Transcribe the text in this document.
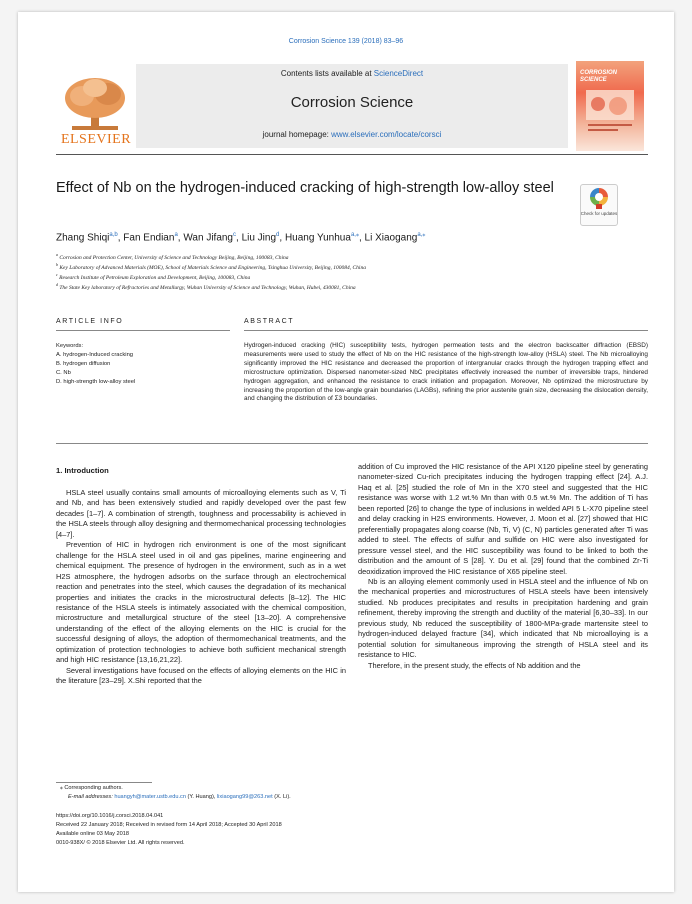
Corrosion Science 139 (2018) 83–96
ELSEVIER
Contents lists available at ScienceDirect
Corrosion Science
journal homepage: www.elsevier.com/locate/corsci
CORROSION SCIENCE
Effect of Nb on the hydrogen-induced cracking of high-strength low-alloy steel
Check for updates
Zhang Shiqi$^{a,b}$, Fan Endian$^a$, Wan Jifang$^c$, Liu Jing$^d$, Huang Yunhua$^{a,⁎}$, Li Xiaogang$^{a,⁎}$
$^a$ Corrosion and Protection Center, University of Science and Technology Beijing, Beijing, 100083, China
$^b$ Key Laboratory of Advanced Materials (MOE), School of Materials Science and Engineering, Tsinghua University, Beijing, 100084, China
$^c$ Research Institute of Petroleum Exploration and Development, Beijing, 100083, China
$^d$ The State Key laboratory of Refractories and Metallurgy, Wuhan University of Science and Technology, Wuhan, Hubei, 430081, China
ARTICLE INFO	ABSTRACT
Keywords:
A. hydrogen-Induced cracking
B. hydrogen diffusion
C. Nb
D. high-strength low-alloy steel
Hydrogen-induced cracking (HIC) susceptibility tests, hydrogen permeation tests and the electron backscatter diffraction (EBSD) measurements were used to study the effect of Nb on the HIC resistance of the high-strength low-alloy (HSLA) steel. The Nb microalloying significantly improved the HIC resistance and decreased the proportion of intergranular cracks through the hydrogen trapping effect and microstructure optimization. Dispersed nanometer-sized NbC precipitates effectively increased the number of irreversible traps, hindered hydrogen aggregation, and enhanced the resistance to crack initiation and propagation. Moreover, Nb optimized the microstructure by increasing the proportion of the low-angle grain boundaries (LAGBs), refining the prior austenite grain size, decreasing the dislocation density, and changing the distribution of Σ3 boundaries.
1. Introduction

HSLA steel usually contains small amounts of microalloying elements such as V, Ti and Nb, and has been extensively studied and rapidly developed over the past few decades [1–7]. A combination of strength, toughness and processability is achieved in the HSLA steels through alloy designing and thermomechanical processing technologies [4–7].

Prevention of HIC in hydrogen rich environment is one of the most significant challenge for the HSLA steel used in oil and gas pipelines, marine engineering and chemical equipment. The presence of hydrogen in the environment, such as in a wet H2S atmosphere, the hydrogen adsorbs on the surface through an electrochemical reaction and penetrates into the steel, which causes the degradation of its mechanical properties and initiates the cracks in the microstructural defects [8–12]. The HIC resistance of the HSLA steels is intimately associated with the chemical composition, microstructure and metallurgical structure of the steel [13–20]. A comprehensive understanding of the effect of the alloying elements on the HIC is crucial for the successful designing of alloys, the adoption of thermomechanical treatments, and the optimization of protection technologies to achieve both sufficient mechanical strength and high HIC resistance [13,16,21,22].

Several investigations have focused on the effects of alloying elements on the HIC in the literature [23–29]. X.Shi reported that the

addition of Cu improved the HIC resistance of the API X120 pipeline steel by generating nanometer-sized Cu-rich precipitates inducing the hydrogen trapping effect [24]. A.J. Haq et al. [25] studied the role of Mn in the X70 steel and suggested that the HIC resistance was worse with 1.2 wt.% Mn than with 0.5 wt.% Mn. The addition of Ti has been reported [26] to change the type of inclusions in welded API 5 L-X70 pipeline steel and delay cracking in H2S environments. However, J. Moon et al. [27] showed that HIC preferentially propagates along coarse (Nb, Ti, V) (C, N) particles generated after Ti was added to steel. The effects of sulfur and sulfide on HIC were also investigated for pressure vessel steel, and the HIC susceptibility was found to be linked to both the distribution and the amount of S [28]. Y. Du et al. [29] found that the combined Zr-Ti deoxidization improved the HIC resistance of X65 pipeline steel.

Nb is an alloying element commonly used in HSLA steel and the influence of Nb on the mechanical properties and microstructures of HSLA steels have been intensively studied. Nb produces precipitates and results in precipitation hardening and grain refinement, thereby improving the strength and ductility of the material [6,30–33]. In our previous study, Nb reduced the susceptibility of 1800-MPa-grade martensite steel to hydrogen-induced delayed fracture [34], which indicated that Nb microalloying is a potential solution for simultaneous improving the strength of HSLA steel and its resistance to HIC.

Therefore, in the present study, the effects of Nb addition and the

⁎ Corresponding authors.
E-mail addresses: huangyh@mater.ustb.edu.cn (Y. Huang), lixiaogang99@263.net (X. Li).
https://doi.org/10.1016/j.corsci.2018.04.041
Received 22 January 2018; Received in revised form 14 April 2018; Accepted 30 April 2018
Available online 03 May 2018
0010-938X/ © 2018 Elsevier Ltd. All rights reserved.
